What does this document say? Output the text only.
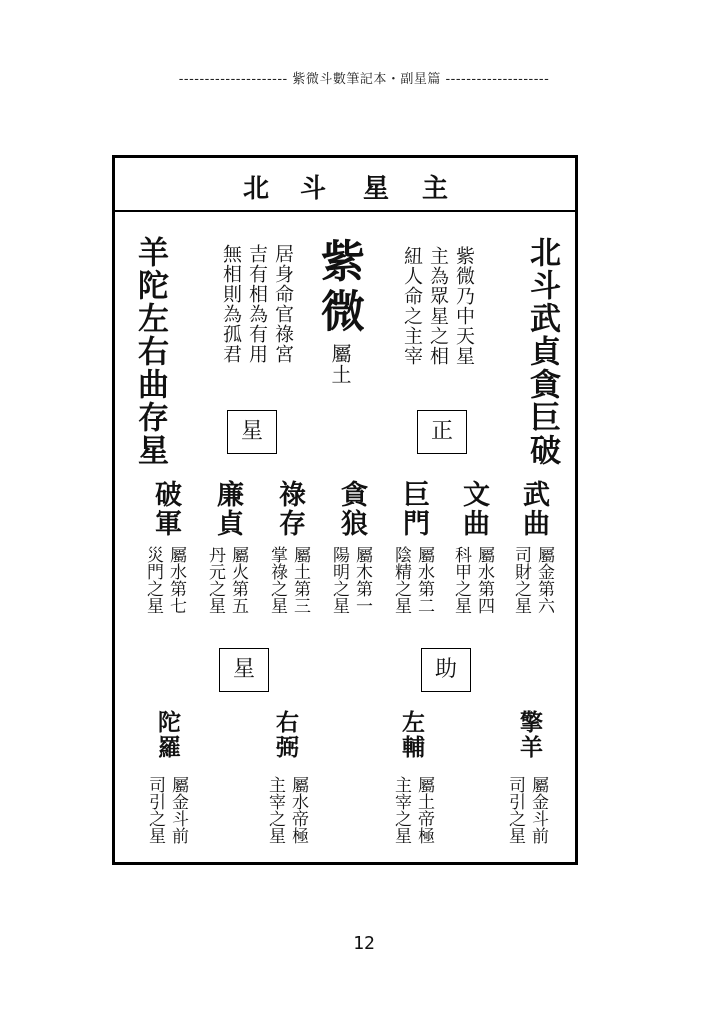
--------------------- 紫微斗數筆記本・副星篇 --------------------
北 斗 星 主
北斗武貞貪巨破
紫微乃中天星
主為眾星之相
紐人命之主宰
紫微
屬土
居身命官祿宮
吉有相為有用
無相則為孤君
羊陀左右曲存星	正
星
武曲
屬金第六
司財之星
文曲
屬水第四
科甲之星
巨門
屬水第二
陰精之星
貪狼
屬木第一
陽明之星
祿存
屬土第三
掌祿之星
廉貞
屬火第五
丹元之星
破軍
屬水第七
災門之星
助
星
擎羊
屬金斗前
司引之星
左輔
屬土帝極
主宰之星
右弼
屬水帝極
主宰之星
陀羅
屬金斗前
司引之星
12
